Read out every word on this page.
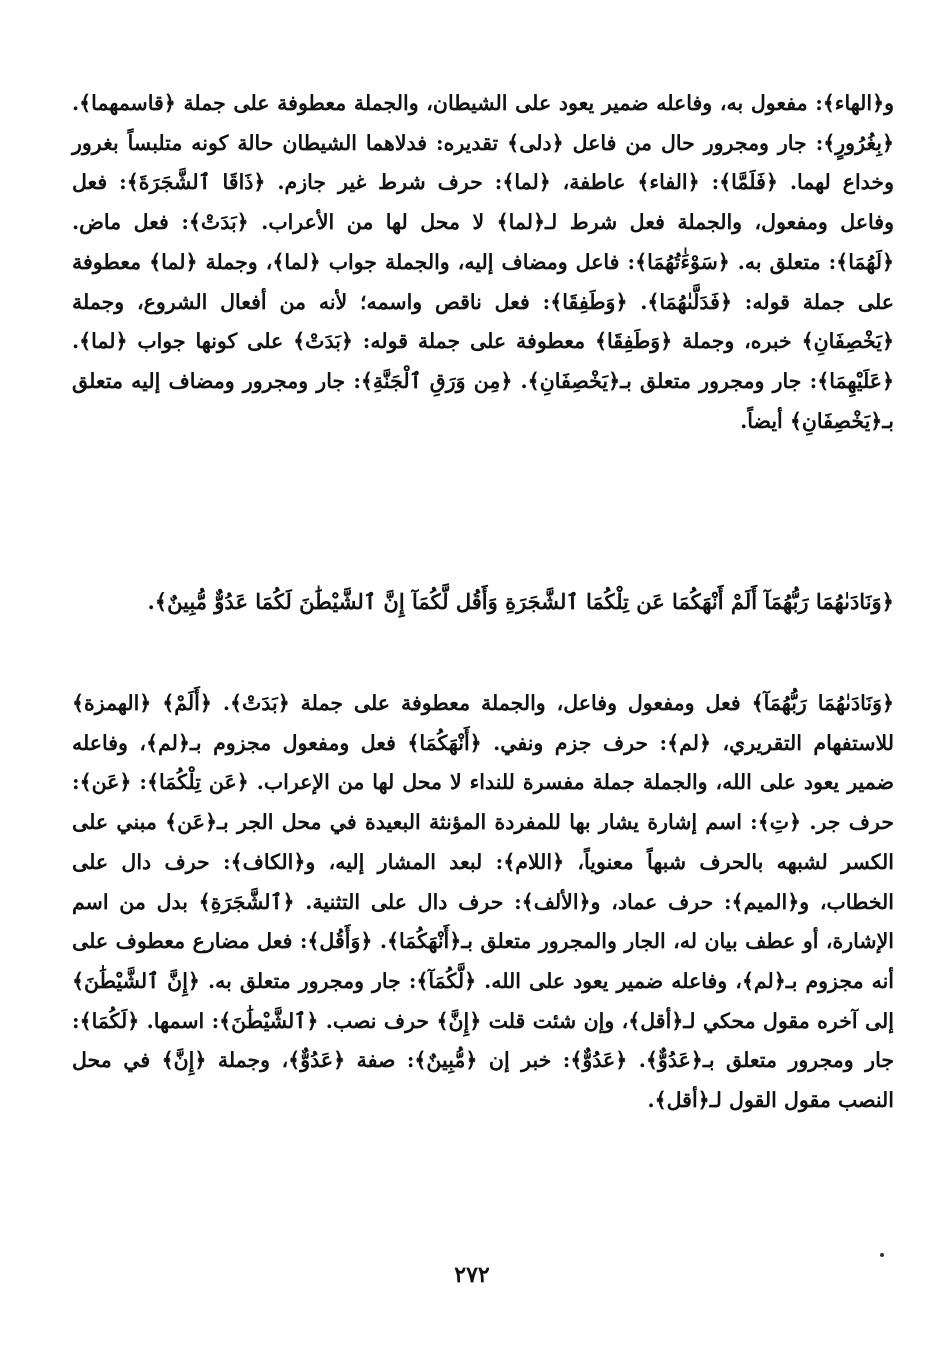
و﴿الهاء﴾: مفعول به، وفاعله ضمير يعود على الشيطان، والجملة معطوفة على جملة ﴿قاسمهما﴾. ﴿بِغُرُورٍ﴾: جار ومجرور حال من فاعل ﴿دلى﴾ تقديره: فدلاهما الشيطان حالة كونه متلبساً بغرور وخداع لهما. ﴿فَلَمَّا﴾: ﴿الفاء﴾ عاطفة، ﴿لما﴾: حرف شرط غير جازم. ﴿ذَاقَا ٱلشَّجَرَةَ﴾: فعل وفاعل ومفعول، والجملة فعل شرط لـ﴿لما﴾ لا محل لها من الأعراب. ﴿بَدَتْ﴾: فعل ماض. ﴿لَهُمَا﴾: متعلق به. ﴿سَوْءَٰتُهُمَا﴾: فاعل ومضاف إليه، والجملة جواب ﴿لما﴾، وجملة ﴿لما﴾ معطوفة على جملة قوله: ﴿فَدَلَّىٰهُمَا﴾. ﴿وَطَفِقَا﴾: فعل ناقص واسمه؛ لأنه من أفعال الشروع، وجملة ﴿يَخْصِفَانِ﴾ خبره، وجملة ﴿وَطَفِقَا﴾ معطوفة على جملة قوله: ﴿بَدَتْ﴾ على كونها جواب ﴿لما﴾. ﴿عَلَيْهِمَا﴾: جار ومجرور متعلق بـ﴿يَخْصِفَانِ﴾. ﴿مِن وَرَقِ ٱلْجَنَّةِ﴾: جار ومجرور ومضاف إليه متعلق بـ﴿يَخْصِفَانِ﴾ أيضاً.

﴿وَنَادَىٰهُمَا رَبُّهُمَآ أَلَمْ أَنْهَكُمَا عَن تِلْكُمَا ٱلشَّجَرَةِ وَأَقُل لَّكُمَآ إِنَّ ٱلشَّيْطَٰنَ لَكُمَا عَدُوٌّ مُّبِينٌ﴾.

﴿وَنَادَىٰهُمَا رَبُّهُمَآ﴾ فعل ومفعول وفاعل، والجملة معطوفة على جملة ﴿بَدَتْ﴾. ﴿أَلَمْ﴾ ﴿الهمزة﴾ للاستفهام التقريري، ﴿لم﴾: حرف جزم ونفي. ﴿أَنْهَكُمَا﴾ فعل ومفعول مجزوم بـ﴿لم﴾، وفاعله ضمير يعود على الله، والجملة جملة مفسرة للنداء لا محل لها من الإعراب. ﴿عَن تِلْكُمَا﴾: ﴿عَن﴾: حرف جر. ﴿تِ﴾: اسم إشارة يشار بها للمفردة المؤنثة البعيدة في محل الجر بـ﴿عَن﴾ مبني على الكسر لشبهه بالحرف شبهاً معنوياً، ﴿اللام﴾: لبعد المشار إليه، و﴿الكاف﴾: حرف دال على الخطاب، و﴿الميم﴾: حرف عماد، و﴿الألف﴾: حرف دال على التثنية. ﴿ٱلشَّجَرَةِ﴾ بدل من اسم الإشارة، أو عطف بيان له، الجار والمجرور متعلق بـ﴿أَنْهَكُمَا﴾. ﴿وَأَقُل﴾: فعل مضارع معطوف على أنه مجزوم بـ﴿لم﴾، وفاعله ضمير يعود على الله. ﴿لَّكُمَآ﴾: جار ومجرور متعلق به. ﴿إِنَّ ٱلشَّيْطَٰنَ﴾ إلى آخره مقول محكي لـ﴿أقل﴾، وإن شئت قلت ﴿إِنَّ﴾ حرف نصب. ﴿ٱلشَّيْطَٰنَ﴾: اسمها. ﴿لَكُمَا﴾: جار ومجرور متعلق بـ﴿عَدُوٌّ﴾. ﴿عَدُوٌّ﴾: خبر إن ﴿مُّبِينٌ﴾: صفة ﴿عَدُوٌّ﴾، وجملة ﴿إِنَّ﴾ في محل النصب مقول القول لـ﴿أقل﴾.

٢٧٢
